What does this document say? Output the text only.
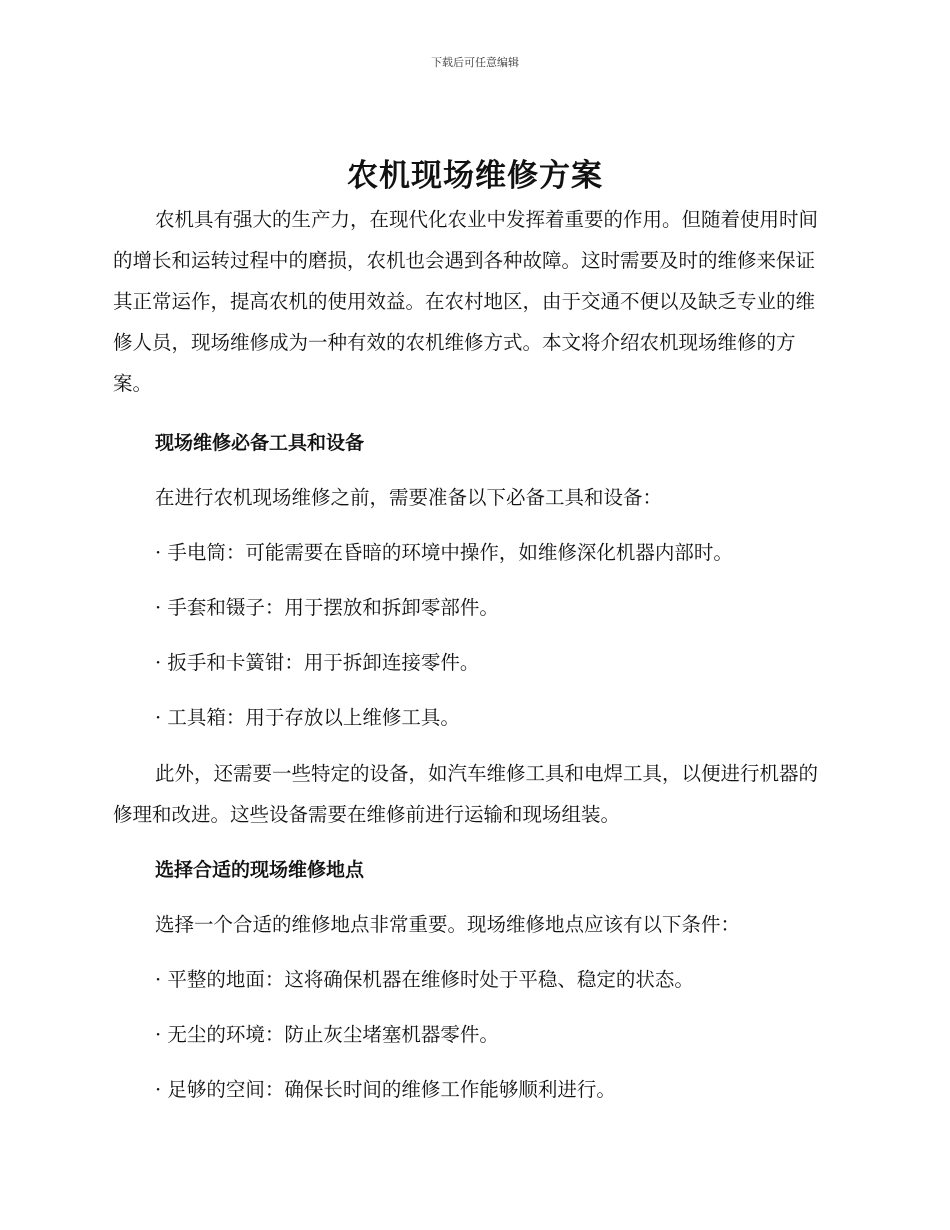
下载后可任意编辑
农机现场维修方案

农机具有强大的生产力，在现代化农业中发挥着重要的作用。但随着使用时间的增长和运转过程中的磨损，农机也会遇到各种故障。这时需要及时的维修来保证其正常运作，提高农机的使用效益。在农村地区，由于交通不便以及缺乏专业的维修人员，现场维修成为一种有效的农机维修方式。本文将介绍农机现场维修的方案。

现场维修必备工具和设备

在进行农机现场维修之前，需要准备以下必备工具和设备：

· 手电筒：可能需要在昏暗的环境中操作，如维修深化机器内部时。

· 手套和镊子：用于摆放和拆卸零部件。

· 扳手和卡簧钳：用于拆卸连接零件。

· 工具箱：用于存放以上维修工具。

此外，还需要一些特定的设备，如汽车维修工具和电焊工具，以便进行机器的修理和改进。这些设备需要在维修前进行运输和现场组装。

选择合适的现场维修地点

选择一个合适的维修地点非常重要。现场维修地点应该有以下条件：

· 平整的地面：这将确保机器在维修时处于平稳、稳定的状态。

· 无尘的环境：防止灰尘堵塞机器零件。

· 足够的空间：确保长时间的维修工作能够顺利进行。
